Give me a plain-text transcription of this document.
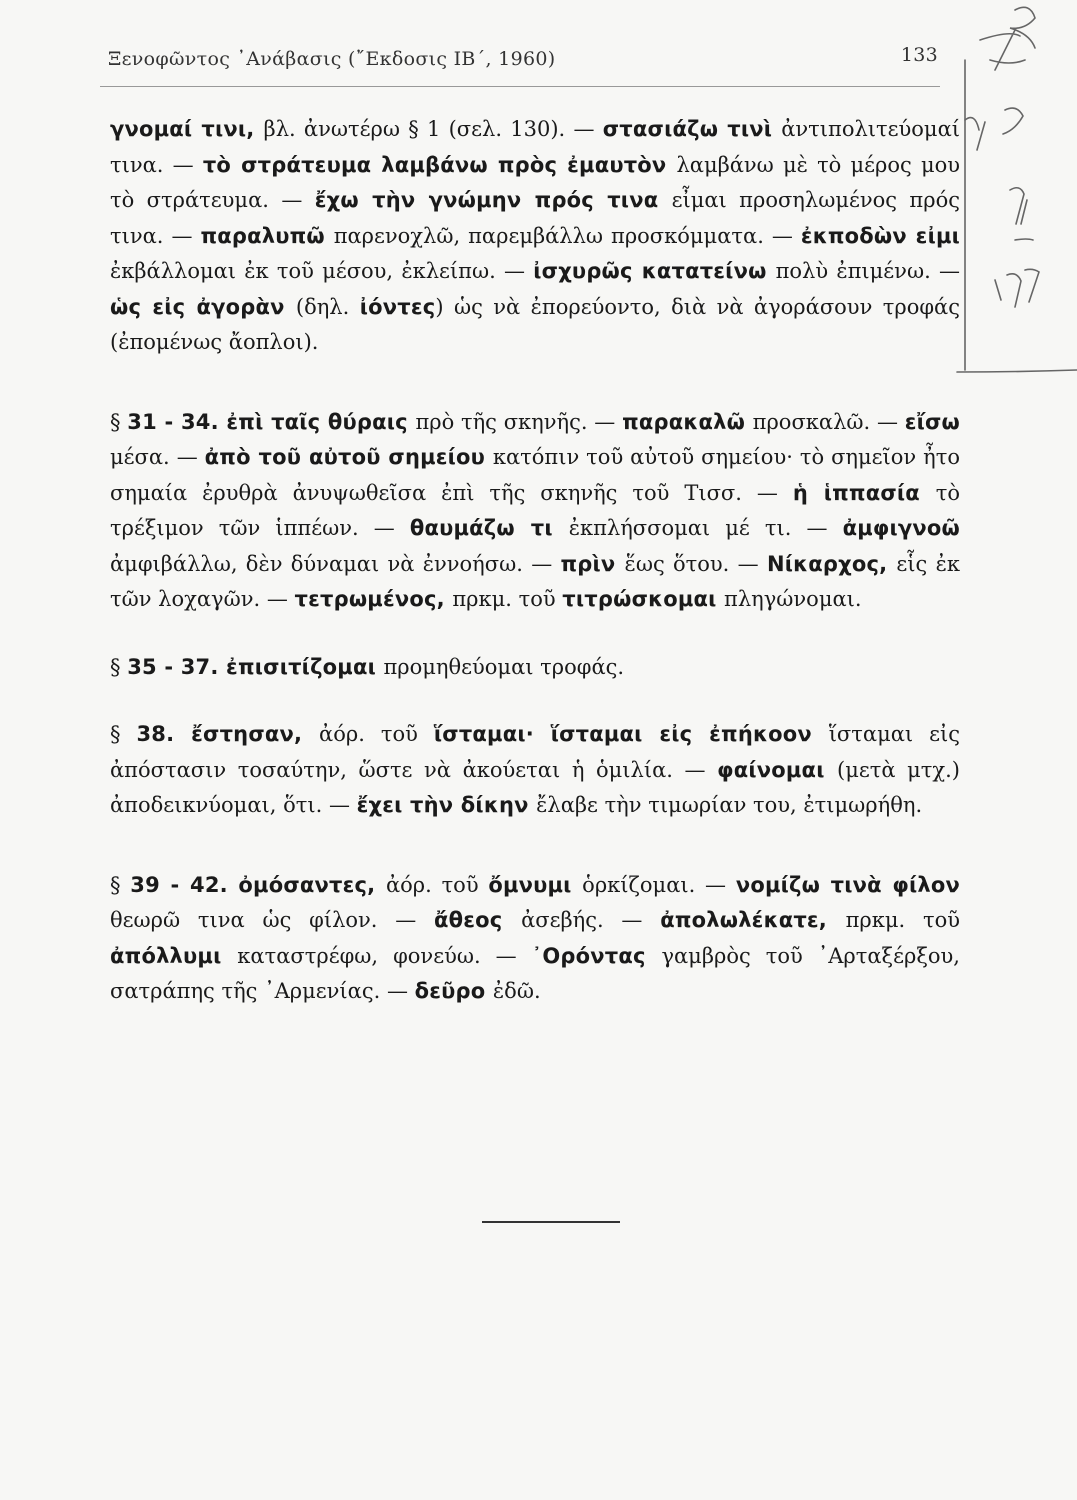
Ξενοφῶντος ᾿Ανάβασις (῎Εκδοσις ΙΒ΄, 1960)	133

γνομαί τινι, βλ. ἀνωτέρω § 1 (σελ. 130). — στασιάζω τινὶ ἀντιπολιτεύομαί τινα. — τὸ στράτευμα λαμβάνω πρὸς ἐμαυτὸν λαμβάνω μὲ τὸ μέρος μου τὸ στράτευμα. — ἔχω τὴν γνώμην πρός τινα εἶμαι προσηλωμένος πρός τινα. — παραλυπῶ παρενοχλῶ, παρεμβάλλω προσκόμματα. — ἐκποδὼν εἰμι ἐκβάλλομαι ἐκ τοῦ μέσου, ἐκλείπω. — ἰσχυρῶς κατατείνω πολὺ ἐπιμένω. — ὡς εἰς ἀγορὰν (δηλ. ἰόντες) ὡς νὰ ἐπορεύοντο, διὰ νὰ ἀγοράσουν τροφάς (ἐπομένως ἄοπλοι).

§ 31 - 34. ἐπὶ ταῖς θύραις πρὸ τῆς σκηνῆς. — παρακαλῶ προσκαλῶ. — εἴσω μέσα. — ἀπὸ τοῦ αὐτοῦ σημείου κατόπιν τοῦ αὐτοῦ σημείου· τὸ σημεῖον ἦτο σημαία ἐρυθρὰ ἀνυψωθεῖσα ἐπὶ τῆς σκηνῆς τοῦ Τισσ. — ἡ ἱππασία τὸ τρέξιμον τῶν ἱππέων. — θαυμάζω τι ἐκπλήσσομαι μέ τι. — ἀμφιγνοῶ ἀμφιβάλλω, δὲν δύναμαι νὰ ἐννοήσω. — πρὶν ἕως ὅτου. — Νίκαρχος, εἷς ἐκ τῶν λοχαγῶν. — τετρωμένος, πρκμ. τοῦ τιτρώσκομαι πληγώνομαι.

§ 35 - 37. ἐπισιτίζομαι προμηθεύομαι τροφάς.

§ 38. ἔστησαν, ἀόρ. τοῦ ἵσταμαι· ἵσταμαι εἰς ἐπήκοον ἵσταμαι εἰς ἀπόστασιν τοσαύτην, ὥστε νὰ ἀκούεται ἡ ὁμιλία. — φαίνομαι (μετὰ μτχ.) ἀποδεικνύομαι, ὅτι. — ἔχει τὴν δίκην ἔλαβε τὴν τιμωρίαν του, ἐτιμωρήθη.

§ 39 - 42. ὀμόσαντες, ἀόρ. τοῦ ὄμνυμι ὁρκίζομαι. — νομίζω τινὰ φίλον θεωρῶ τινα ὡς φίλον. — ἄθεος ἀσεβής. — ἀπολωλέκατε, πρκμ. τοῦ ἀπόλλυμι καταστρέφω, φονεύω. — ᾿Ορόντας γαμβρὸς τοῦ ᾿Αρταξέρξου, σατράπης τῆς ᾿Αρμενίας. — δεῦρο ἐδῶ.
